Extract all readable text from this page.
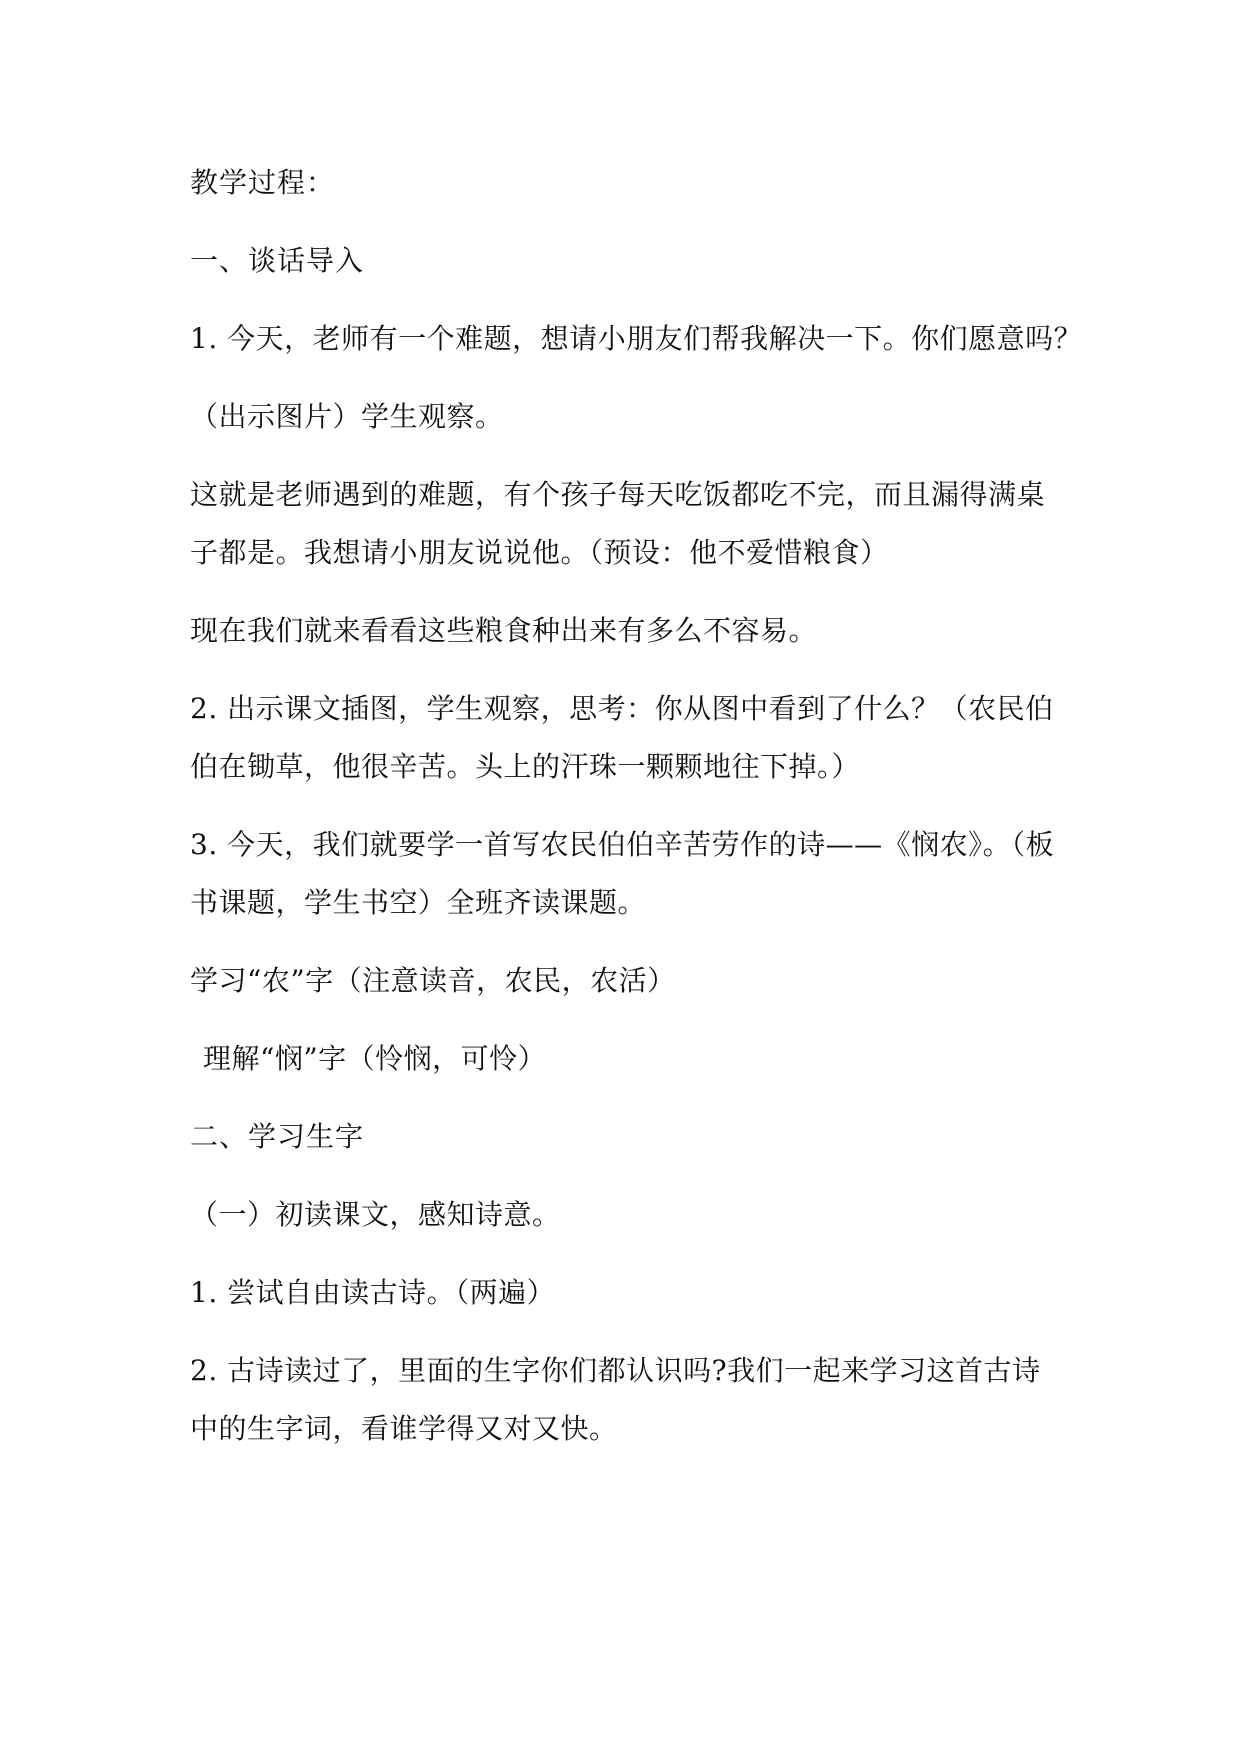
教学过程：
一、谈话导入
1. 今天，老师有一个难题，想请小朋友们帮我解决一下。你们愿意吗？
（出示图片）学生观察。
这就是老师遇到的难题，有个孩子每天吃饭都吃不完，而且漏得满桌
子都是。我想请小朋友说说他。（预设：他不爱惜粮食）
现在我们就来看看这些粮食种出来有多么不容易。
2. 出示课文插图，学生观察，思考：你从图中看到了什么？（农民伯
伯在锄草，他很辛苦。头上的汗珠一颗颗地往下掉。）
3. 今天，我们就要学一首写农民伯伯辛苦劳作的诗——《悯农》。（板
书课题，学生书空）全班齐读课题。
学习“农”字（注意读音，农民，农活）
理解“悯”字（怜悯，可怜）
二、学习生字
（一）初读课文，感知诗意。
1. 尝试自由读古诗。（两遍）
2. 古诗读过了，里面的生字你们都认识吗?我们一起来学习这首古诗
中的生字词，看谁学得又对又快。
